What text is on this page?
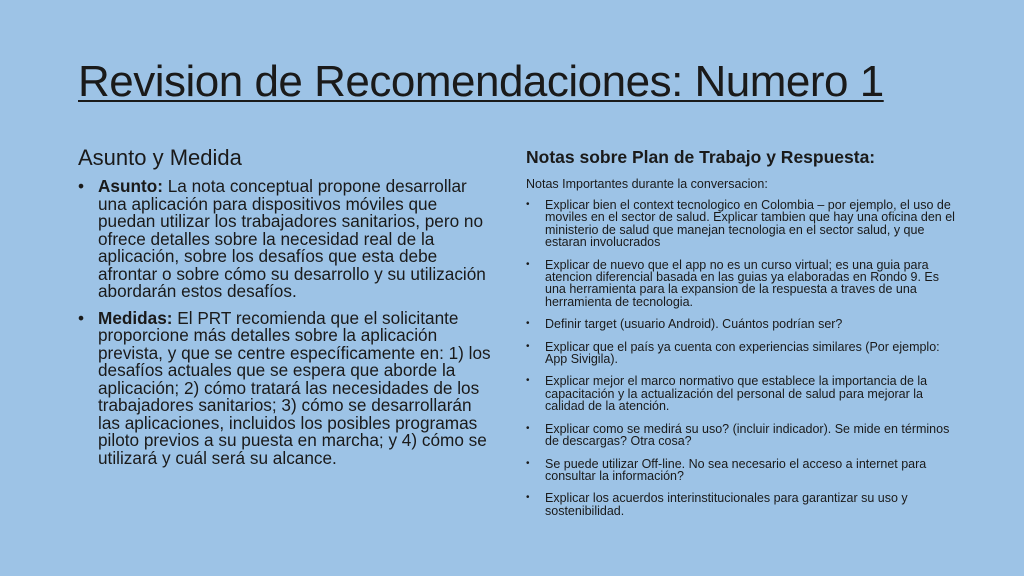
Revision de Recomendaciones: Numero 1
Asunto y Medida
• Asunto: La nota conceptual propone desarrollar una aplicación para dispositivos móviles que puedan utilizar los trabajadores sanitarios, pero no ofrece detalles sobre la necesidad real de la aplicación, sobre los desafíos que esta debe afrontar o sobre cómo su desarrollo y su utilización abordarán estos desafíos.
• Medidas: El PRT recomienda que el solicitante proporcione más detalles sobre la aplicación prevista, y que se centre específicamente en: 1) los desafíos actuales que se espera que aborde la aplicación; 2) cómo tratará las necesidades de los trabajadores sanitarios; 3) cómo se desarrollarán las aplicaciones, incluidos los posibles programas piloto previos a su puesta en marcha; y 4) cómo se utilizará y cuál será su alcance.
Notas sobre Plan de Trabajo y Respuesta:
Notas Importantes durante la conversacion:
• Explicar bien el context tecnologico en Colombia – por ejemplo, el uso de moviles en el sector de salud. Explicar tambien que hay una oficina den el ministerio de salud que manejan tecnologia en el sector salud, y que estaran involucrados
• Explicar de nuevo que el app no es un curso virtual; es una guia para atencion diferencial basada en las guias ya elaboradas en Rondo 9. Es una herramienta para la expansion de la respuesta a traves de una herramienta de tecnologia.
• Definir target (usuario Android). Cuántos podrían ser?
• Explicar que el país ya cuenta con experiencias similares (Por ejemplo: App Sivigila).
• Explicar mejor el marco normativo que establece la importancia de la capacitación y la actualización del personal de salud para mejorar la calidad de la atención.
• Explicar como se medirá su uso? (incluir indicador). Se mide en términos de descargas? Otra cosa?
• Se puede utilizar Off-line. No sea necesario el acceso a internet para consultar la información?
• Explicar los acuerdos interinstitucionales para garantizar su uso y sostenibilidad.
